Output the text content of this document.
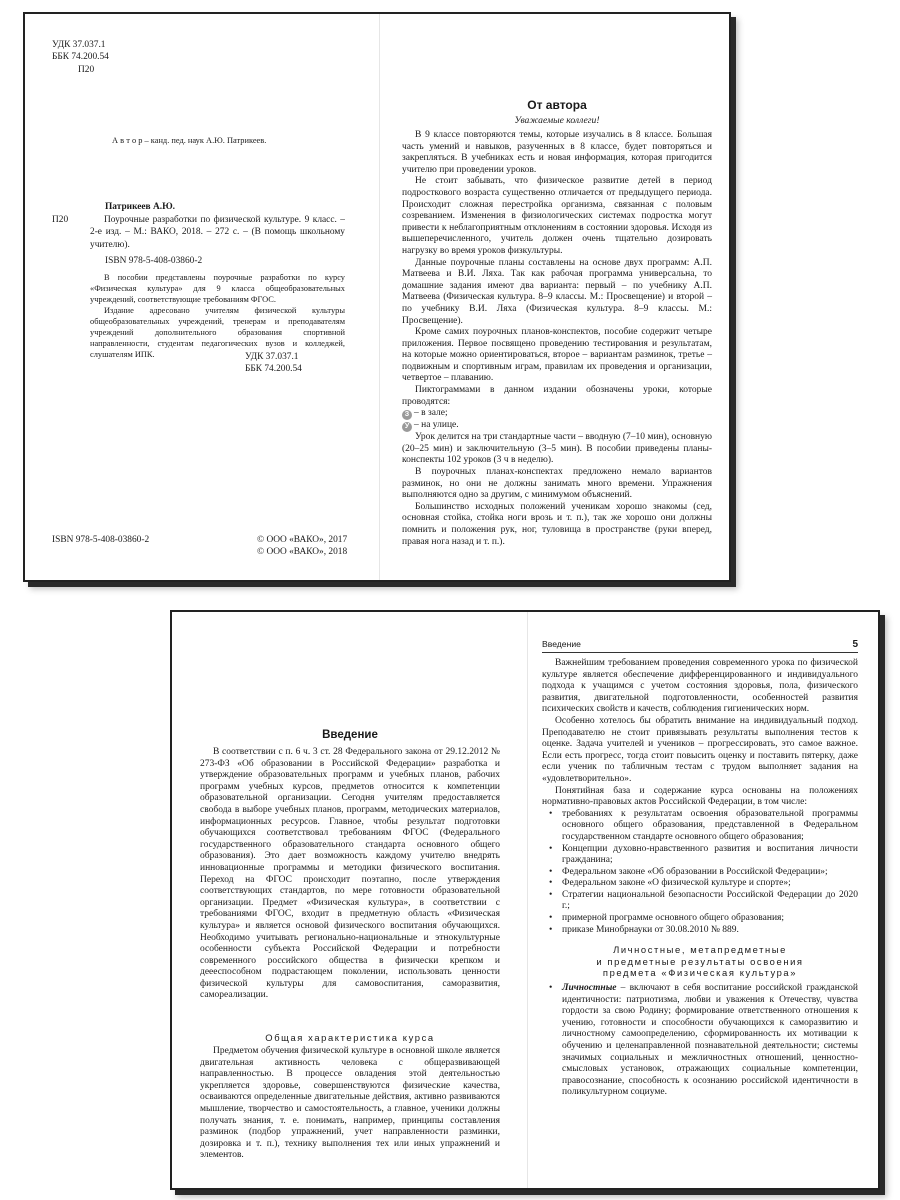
УДК 37.037.1
ББК 74.200.54
П20
А в т о р – канд. пед. наук А.Ю. Патрикеев.
Патрикеев А.Ю.
П20	Поурочные разработки по физической культуре. 9 класс. – 2-е изд. – М.: ВАКО, 2018. – 272 с. – (В помощь школьному учителю).
ISBN 978-5-408-03860-2
В пособии представлены поурочные разработки по курсу «Физическая культура» для 9 класса общеобразовательных учреждений, соответствующие требованиям ФГОС.
Издание адресовано учителям физической культуры общеобразовательных учреждений, тренерам и преподавателям учреждений дополнительного образования спортивной направленности, студентам педагогических вузов и колледжей, слушателям ИПК.	УДК 37.037.1
ББК 74.200.54
ISBN 978-5-408-03860-2	© ООО «ВАКО», 2017
© ООО «ВАКО», 2018
От автора
Уважаемые коллеги!

В 9 классе повторяются темы, которые изучались в 8 классе. Большая часть умений и навыков, разученных в 8 классе, будет повторяться и закрепляться. В учебниках есть и новая информация, которая пригодится учителю при проведении уроков.

Не стоит забывать, что физическое развитие детей в период подросткового возраста существенно отличается от предыдущего периода. Происходит сложная перестройка организма, связанная с половым созреванием. Изменения в физиологических системах подростка могут привести к неблагоприятным отклонениям в состоянии здоровья. Исходя из вышеперечисленного, учитель должен очень тщательно дозировать нагрузку во время уроков физкультуры.

Данные поурочные планы составлены на основе двух программ: А.П. Матвеева и В.И. Ляха. Так как рабочая программа универсальна, то домашние задания имеют два варианта: первый – по учебнику А.П. Матвеева (Физическая культура. 8–9 классы. М.: Просвещение) и второй – по учебнику В.И. Ляха (Физическая культура. 8–9 классы. М.: Просвещение).

Кроме самих поурочных планов-конспектов, пособие содержит четыре приложения. Первое посвящено проведению тестирования и результатам, на которые можно ориентироваться, второе – вариантам разминок, третье – подвижным и спортивным играм, правилам их проведения и организации, четвертое – плаванию.

Пиктограммами в данном издании обозначены уроки, которые проводятся:

З – в зале;

У – на улице.

Урок делится на три стандартные части – вводную (7–10 мин), основную (20–25 мин) и заключительную (3–5 мин). В пособии приведены планы-конспекты 102 уроков (3 ч в неделю).

В поурочных планах-конспектах предложено немало вариантов разминок, но они не должны занимать много времени. Упражнения выполняются одно за другим, с минимумом объяснений.

Большинство исходных положений ученикам хорошо знакомы (сед, основная стойка, стойка ноги врозь и т. п.), так же хорошо они должны помнить и положения рук, ног, туловища в пространстве (руки вперед, правая нога назад и т. п.).

Введение

В соответствии с п. 6 ч. 3 ст. 28 Федерального закона от 29.12.2012 № 273-ФЗ «Об образовании в Российской Федерации» разработка и утверждение образовательных программ и учебных планов, рабочих программ учебных курсов, предметов относится к компетенции образовательной организации. Сегодня учителям предоставляется свобода в выборе учебных планов, программ, методических материалов, информационных ресурсов. Главное, чтобы результат подготовки обучающихся соответствовал требованиям ФГОС (Федерального государственного образовательного стандарта основного общего образования). Это дает возможность каждому учителю внедрять инновационные программы и методики физического воспитания. Переход на ФГОС происходит поэтапно, после утверждения соответствующих стандартов, по мере готовности образовательной организации. Предмет «Физическая культура», в соответствии с требованиями ФГОС, входит в предметную область «Физическая культура» и является основой физического воспитания обучающихся. Необходимо учитывать регионально-национальные и этнокультурные особенности субъекта Российской Федерации и потребности современного российского общества в физически крепком и деееспособном подрастающем поколении, использовать ценности физической культуры для самовоспитания, саморазвития, самореализации.

Общая характеристика курса

Предметом обучения физической культуре в основной школе является двигательная активность человека с общеразвивающей направленностью. В процессе овладения этой деятельностью укрепляется здоровье, совершенствуются физические качества, осваиваются определенные двигательные действия, активно развиваются мышление, творчество и самостоятельность, а главное, ученики должны получать знания, т. е. понимать, например, принципы составления разминок (подбор упражнений, учет направленности разминки, дозировка и т. п.), технику выполнения тех или иных упражнений и элементов.

Введение	5

Важнейшим требованием проведения современного урока по физической культуре является обеспечение дифференцированного и индивидуального подхода к учащимся с учетом состояния здоровья, пола, физического развития, двигательной подготовленности, особенностей развития психических свойств и качеств, соблюдения гигиенических норм.

Особенно хотелось бы обратить внимание на индивидуальный подход. Преподавателю не стоит привязывать результаты выполнения тестов к оценке. Задача учителей и учеников – прогрессировать, это самое важное. Если есть прогресс, тогда стоит повысить оценку и поставить пятерку, даже если ученик по табличным тестам с трудом выполняет задания на «удовлетворительно».

Понятийная база и содержание курса основаны на положениях нормативно-правовых актов Российской Федерации, в том числе:

• требованиях к результатам освоения образовательной программы основного общего образования, представленной в Федеральном государственном стандарте основного общего образования;
• Концепции духовно-нравственного развития и воспитания личности гражданина;
• Федеральном законе «Об образовании в Российской Федерации»;
• Федеральном законе «О физической культуре и спорте»;
• Стратегии национальной безопасности Российской Федерации до 2020 г.;
• примерной программе основного общего образования;
• приказе Минобрнауки от 30.08.2010 № 889.
Личностные, метапредметные
и предметные результаты освоения
предмета «Физическая культура»
• Личностные – включают в себя воспитание российской гражданской идентичности: патриотизма, любви и уважения к Отечеству, чувства гордости за свою Родину; формирование ответственного отношения к учению, готовности и способности обучающихся к саморазвитию и личностному самоопределению, сформированность их мотивации к обучению и целенаправленной познавательной деятельности; системы значимых социальных и межличностных отношений, ценностно-смысловых установок, отражающих социальные компетенции, правосознание, способность к осознанию российской идентичности в поликультурном социуме.
